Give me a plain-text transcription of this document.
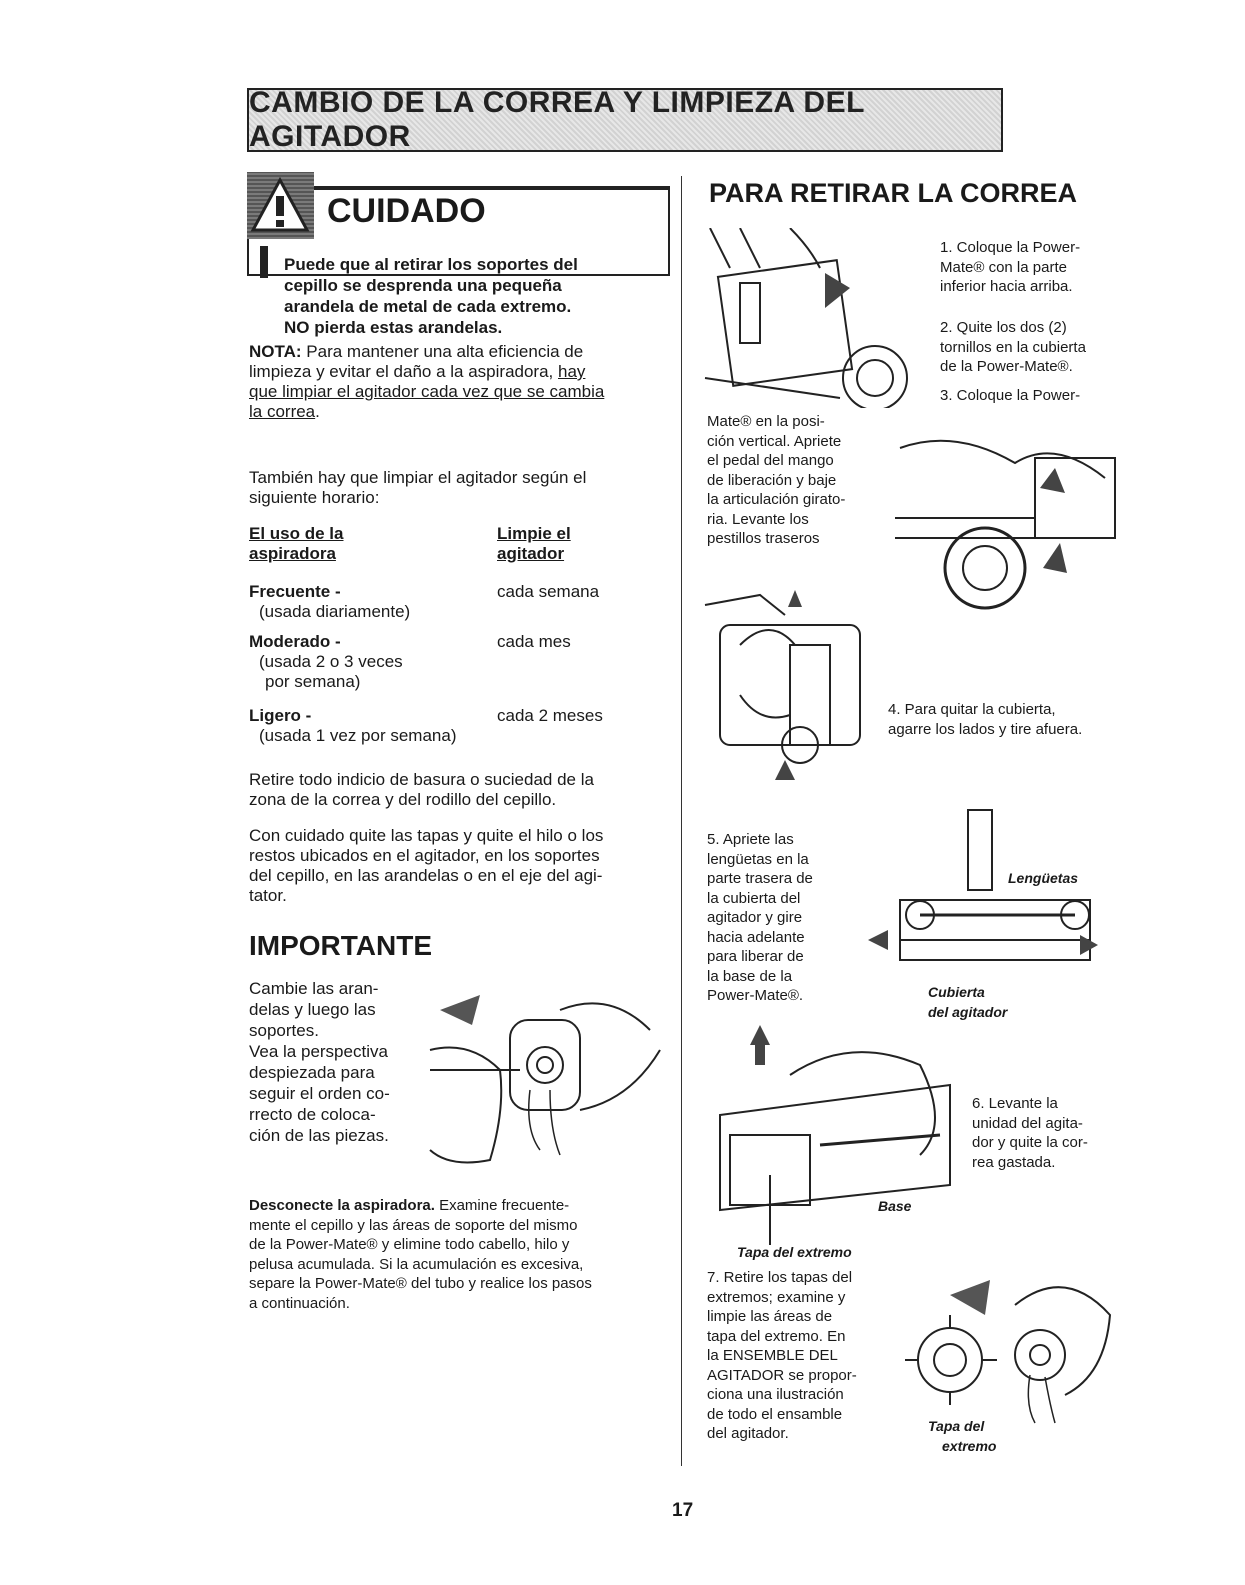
CAMBIO DE LA CORREA Y LIMPIEZA DEL AGITADOR
CUIDADO
Puede que al retirar los soportes del
cepillo se desprenda una pequeña
arandela de metal de cada extremo.
NO pierda estas arandelas.
NOTA: Para mantener una alta eficiencia de
limpieza y evitar el daño a la aspiradora, hay
que limpiar el agitador cada vez que se cambia
la correa.
También hay que limpiar el agitador según el
siguiente horario:
El uso de la
aspiradora
Limpie el
agitador
Frecuente -
(usada diariamente)
cada semana
Moderado -
(usada 2 o 3 veces
por semana)
cada mes
Ligero -
(usada 1 vez por semana)
cada 2 meses
Retire todo indicio de basura o suciedad de la
zona de la correa y del rodillo del cepillo.
Con cuidado quite las tapas y quite el hilo o los
restos ubicados en el agitador, en los soportes
del cepillo, en las arandelas o en el eje del agi-
tator.
IMPORTANTE
Cambie las aran-
delas y luego las
soportes.
Vea la perspectiva
despiezada para
seguir el orden co-
rrecto de coloca-
ción de las piezas.
Desconecte la aspiradora. Examine frecuente-
mente el cepillo y las áreas de soporte del mismo
de la Power-Mate® y elimine todo cabello, hilo y
pelusa acumulada. Si la acumulación es excesiva,
separe la Power-Mate® del tubo y realice los pasos
a continuación.
PARA RETIRAR LA CORREA
1. Coloque la Power-
Mate® con la parte
inferior hacia arriba.
2. Quite los dos (2)
tornillos en la cubierta
de la Power-Mate®.
3. Coloque la Power-
Mate® en la posi-
ción vertical. Apriete
el pedal del mango
de liberación y baje
la articulación girato-
ria. Levante los
pestillos traseros
4. Para quitar la cubierta,
agarre los lados y tire afuera.
5. Apriete las
lengüetas en la
parte trasera de
la cubierta del
agitador y gire
hacia adelante
para liberar de
la base de la
Power-Mate®.
Lengüetas
Cubierta
del agitador
6. Levante la
unidad del agita-
dor y quite la cor-
rea gastada.
Base
Tapa del extremo
7. Retire los tapas del
extremos; examine y
limpie las áreas de
tapa del extremo. En
la ENSEMBLE DEL
AGITADOR se propor-
ciona una ilustración
de todo el ensamble
del agitador.	Tapa del
extremo
17
